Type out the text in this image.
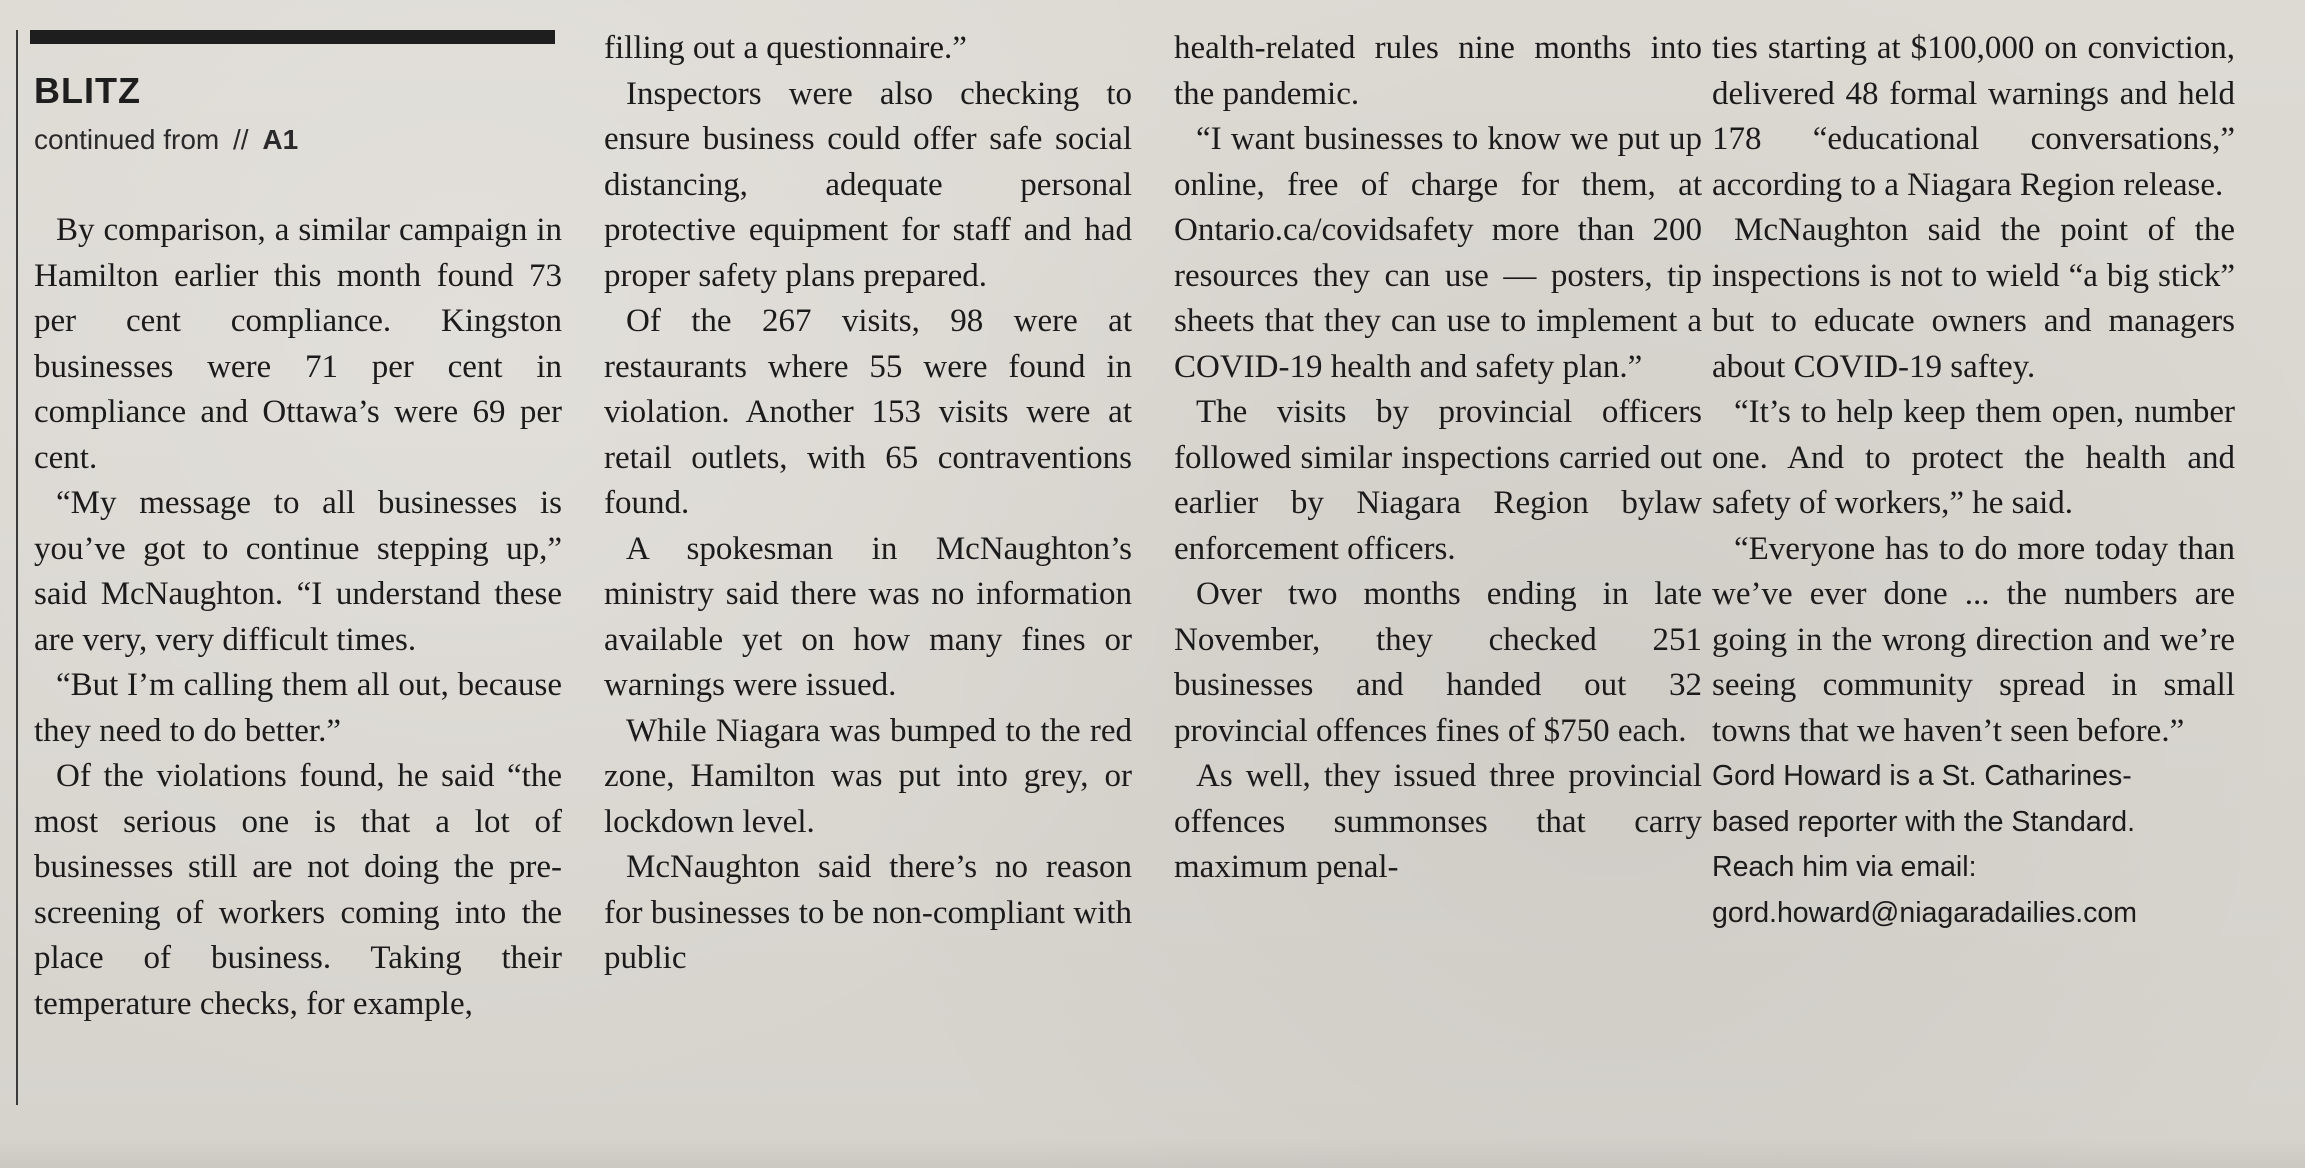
BLITZ
continued from // A1

By comparison, a similar campaign in Hamilton earlier this month found 73 per cent compliance. Kingston businesses were 71 per cent in compliance and Ottawa’s were 69 per cent.

“My message to all businesses is you’ve got to continue stepping up,” said McNaughton. “I understand these are very, very difficult times.

“But I’m calling them all out, because they need to do better.”

Of the violations found, he said “the most serious one is that a lot of businesses still are not doing the pre-screening of workers coming into the place of business. Taking their temperature checks, for example,

filling out a questionnaire.”

Inspectors were also checking to ensure business could offer safe social distancing, adequate personal protective equipment for staff and had proper safety plans prepared.

Of the 267 visits, 98 were at restaurants where 55 were found in violation. Another 153 visits were at retail outlets, with 65 contraventions found.

A spokesman in McNaughton’s ministry said there was no information available yet on how many fines or warnings were issued.

While Niagara was bumped to the red zone, Hamilton was put into grey, or lockdown level.

McNaughton said there’s no reason for businesses to be non-compliant with public

health-related rules nine months into the pandemic.

“I want businesses to know we put up online, free of charge for them, at Ontario.ca/covidsafety more than 200 resources they can use — posters, tip sheets that they can use to implement a COVID-19 health and safety plan.”

The visits by provincial officers followed similar inspections carried out earlier by Niagara Region bylaw enforcement officers.

Over two months ending in late November, they checked 251 businesses and handed out 32 provincial offences fines of $750 each.

As well, they issued three provincial offences summonses that carry maximum penal-

ties starting at $100,000 on conviction, delivered 48 formal warnings and held 178 “educational conversations,” according to a Niagara Region release.

McNaughton said the point of the inspections is not to wield “a big stick” but to educate owners and managers about COVID-19 saftey.

“It’s to help keep them open, number one. And to protect the health and safety of workers,” he said.

“Everyone has to do more today than we’ve ever done ... the numbers are going in the wrong direction and we’re seeing community spread in small towns that we haven’t seen before.”

Gord Howard is a St. Catharines-
based reporter with the Standard.
Reach him via email:
gord.howard@niagaradailies.com
